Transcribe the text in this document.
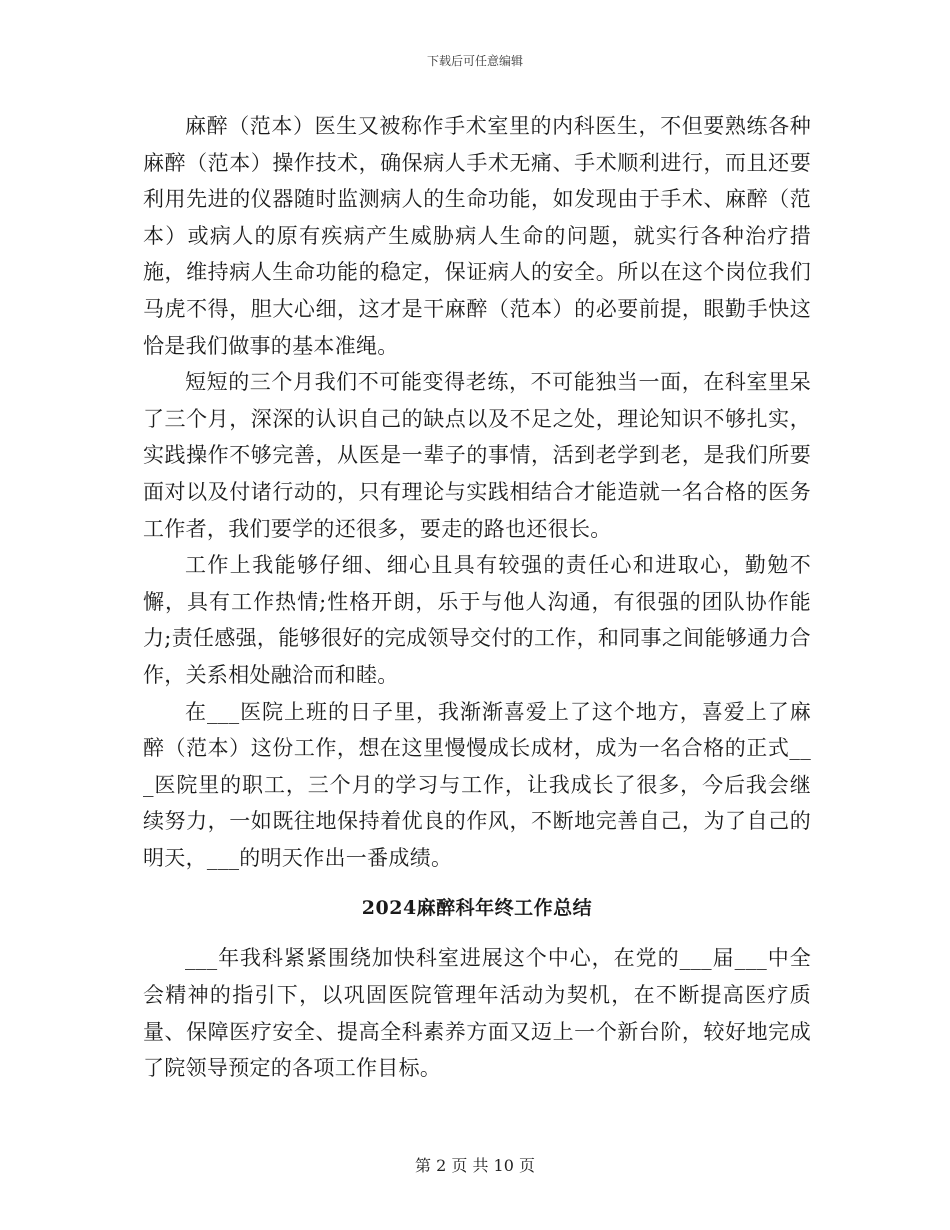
下载后可任意编辑

麻醉（范本）医生又被称作手术室里的内科医生，不但要熟练各种麻醉（范本）操作技术，确保病人手术无痛、手术顺利进行，而且还要利用先进的仪器随时监测病人的生命功能，如发现由于手术、麻醉（范本）或病人的原有疾病产生威胁病人生命的问题，就实行各种治疗措施，维持病人生命功能的稳定，保证病人的安全。所以在这个岗位我们马虎不得，胆大心细，这才是干麻醉（范本）的必要前提，眼勤手快这恰是我们做事的基本准绳。

短短的三个月我们不可能变得老练，不可能独当一面，在科室里呆了三个月，深深的认识自己的缺点以及不足之处，理论知识不够扎实，实践操作不够完善，从医是一辈子的事情，活到老学到老，是我们所要面对以及付诸行动的，只有理论与实践相结合才能造就一名合格的医务工作者，我们要学的还很多，要走的路也还很长。

工作上我能够仔细、细心且具有较强的责任心和进取心，勤勉不懈，具有工作热情;性格开朗，乐于与他人沟通，有很强的团队协作能力;责任感强，能够很好的完成领导交付的工作，和同事之间能够通力合作，关系相处融洽而和睦。

在___医院上班的日子里，我渐渐喜爱上了这个地方，喜爱上了麻醉（范本）这份工作，想在这里慢慢成长成材，成为一名合格的正式___医院里的职工，三个月的学习与工作，让我成长了很多，今后我会继续努力，一如既往地保持着优良的作风，不断地完善自己，为了自己的明天，___的明天作出一番成绩。

2024麻醉科年终工作总结

___年我科紧紧围绕加快科室进展这个中心，在党的___届___中全会精神的指引下，以巩固医院管理年活动为契机，在不断提高医疗质量、保障医疗安全、提高全科素养方面又迈上一个新台阶，较好地完成了院领导预定的各项工作目标。

第 2 页 共 10 页
